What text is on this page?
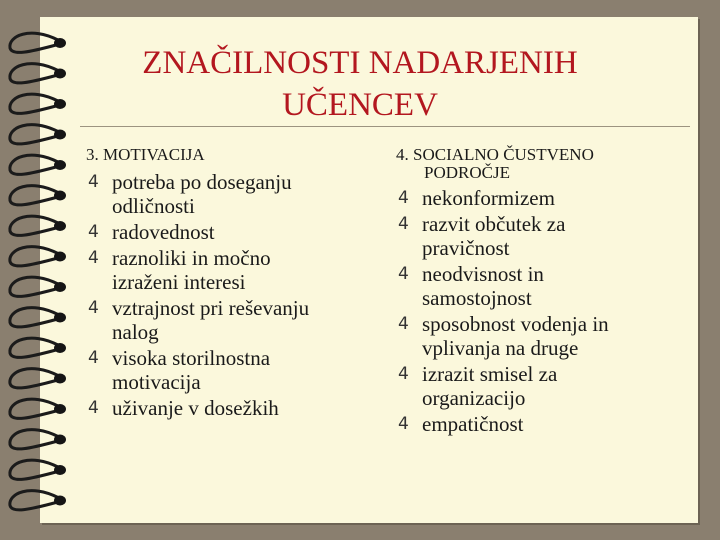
ZNAČILNOSTI NADARJENIH
UČENCEV

3. MOTIVACIJA

4 potreba po doseganju
odličnosti
4 radovednost
4 raznoliki in močno
izraženi interesi
4 vztrajnost pri reševanju
nalog
4 visoka storilnostna
motivacija
4 uživanje v dosežkih

4. SOCIALNO ČUSTVENO
PODROČJE

4 nekonformizem
4 razvit občutek za
pravičnost
4 neodvisnost in
samostojnost
4 sposobnost vodenja in
vplivanja na druge
4 izrazit smisel za
organizacijo
4 empatičnost
